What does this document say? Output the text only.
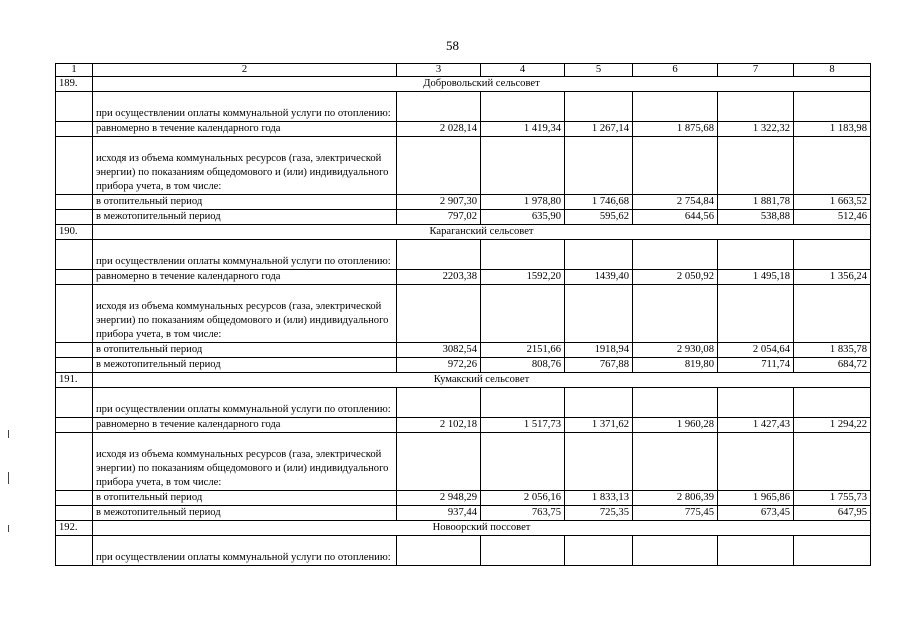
58
1	2	3	4	5	6	7	8
189.	Добровольский сельсовет						
	при осуществлении оплаты коммунальной услуги по отоплению:						
	равномерно в течение календарного года	2 028,14	1 419,34	1 267,14	1 875,68	1 322,32	1 183,98
	исходя из объема коммунальных ресурсов (газа, электрической энергии) по показаниям общедомового и (или) индивидуального прибора учета, в том числе:						
	в отопительный период	2 907,30	1 978,80	1 746,68	2 754,84	1 881,78	1 663,52
	в межотопительный период	797,02	635,90	595,62	644,56	538,88	512,46
190.	Караганский сельсовет						
	при осуществлении оплаты коммунальной услуги по отоплению:						
	равномерно в течение календарного года	2203,38	1592,20	1439,40	2 050,92	1 495,18	1 356,24
	исходя из объема коммунальных ресурсов (газа, электрической энергии) по показаниям общедомового и (или) индивидуального прибора учета, в том числе:						
	в отопительный период	3082,54	2151,66	1918,94	2 930,08	2 054,64	1 835,78
	в межотопительный период	972,26	808,76	767,88	819,80	711,74	684,72
191.	Кумакский сельсовет						
	при осуществлении оплаты коммунальной услуги по отоплению:						
	равномерно в течение календарного года	2 102,18	1 517,73	1 371,62	1 960,28	1 427,43	1 294,22
	исходя из объема коммунальных ресурсов (газа, электрической энергии) по показаниям общедомового и (или) индивидуального прибора учета, в том числе:						
	в отопительный период	2 948,29	2 056,16	1 833,13	2 806,39	1 965,86	1 755,73
	в межотопительный период	937,44	763,75	725,35	775,45	673,45	647,95
192.	Новоорский поссовет						
	при осуществлении оплаты коммунальной услуги по отоплению:						
